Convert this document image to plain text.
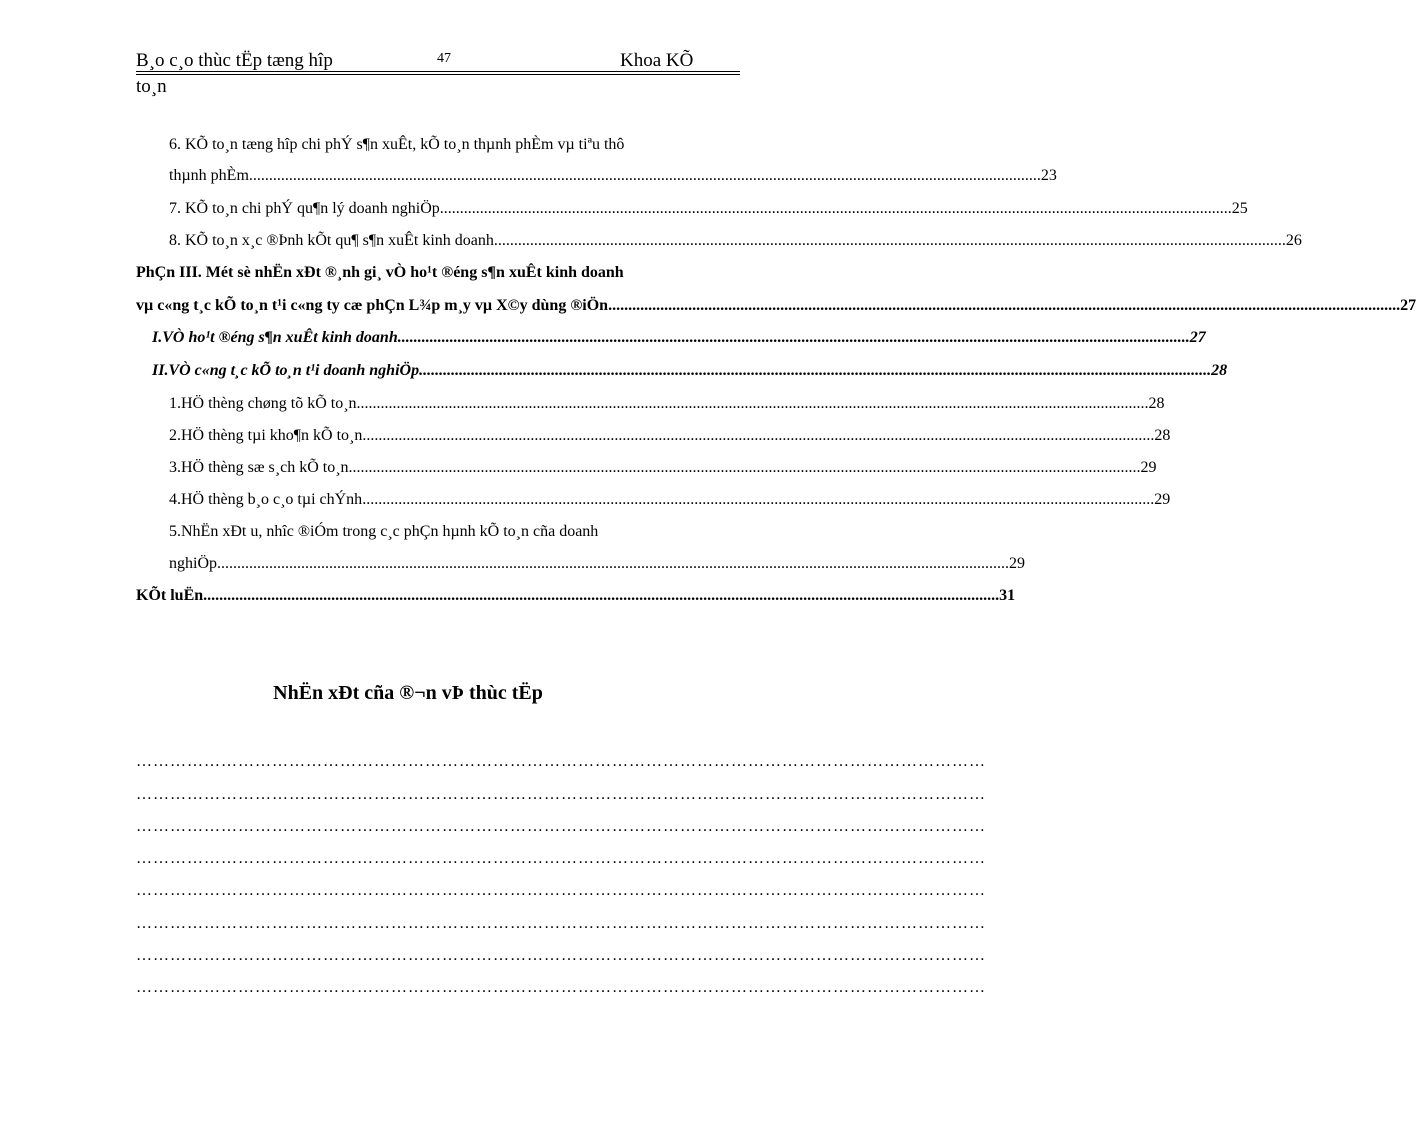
B¸o c¸o thùc tËp tæng hîp	47	Khoa KÕ
to¸n
6. KÕ to¸n tæng hîp chi phÝ s¶n xuÊt, kÕ to¸n thµnh phÈm vµ tiªu thô
thµnh phÈm ...................................................................................................................................................................................................... 23
7. KÕ to¸n chi phÝ qu¶n lý doanh nghiÖp ...................................................................................................................................................................................................... 25
8. KÕ to¸n x¸c ®Þnh kÕt qu¶ s¶n xuÊt kinh doanh ...................................................................................................................................................................................................... 26
PhÇn III. Mét sè nhËn xÐt ®¸nh gi¸ vÒ ho¹t ®éng s¶n xuÊt kinh doanh
vµ c«ng t¸c kÕ to¸n t¹i c«ng ty cæ phÇn L¾p m¸y vµ X©y dùng ®iÖn ...................................................................................................................................................................................................... 27
I.VÒ ho¹t ®éng s¶n xuÊt kinh doanh ...................................................................................................................................................................................................... 27
II.VÒ c«ng t¸c kÕ to¸n t¹i doanh nghiÖp ...................................................................................................................................................................................................... 28
1.HÖ thèng chøng tõ kÕ to¸n ...................................................................................................................................................................................................... 28
2.HÖ thèng tµi kho¶n kÕ to¸n ...................................................................................................................................................................................................... 28
3.HÖ thèng sæ s¸ch kÕ to¸n ...................................................................................................................................................................................................... 29
4.HÖ thèng b¸o c¸o tµi chÝnh ...................................................................................................................................................................................................... 29
5.NhËn xÐt u, nhîc ®iÓm trong c¸c phÇn hµnh kÕ to¸n cña doanh
nghiÖp ...................................................................................................................................................................................................... 29
KÕt luËn. ...................................................................................................................................................................................................... 31
NhËn xÐt cña ®¬n vÞ thùc tËp
……………………………………………………………………………………………………………………………………
……………………………………………………………………………………………………………………………………
……………………………………………………………………………………………………………………………………
……………………………………………………………………………………………………………………………………
……………………………………………………………………………………………………………………………………
……………………………………………………………………………………………………………………………………
……………………………………………………………………………………………………………………………………
……………………………………………………………………………………………………………………………………
